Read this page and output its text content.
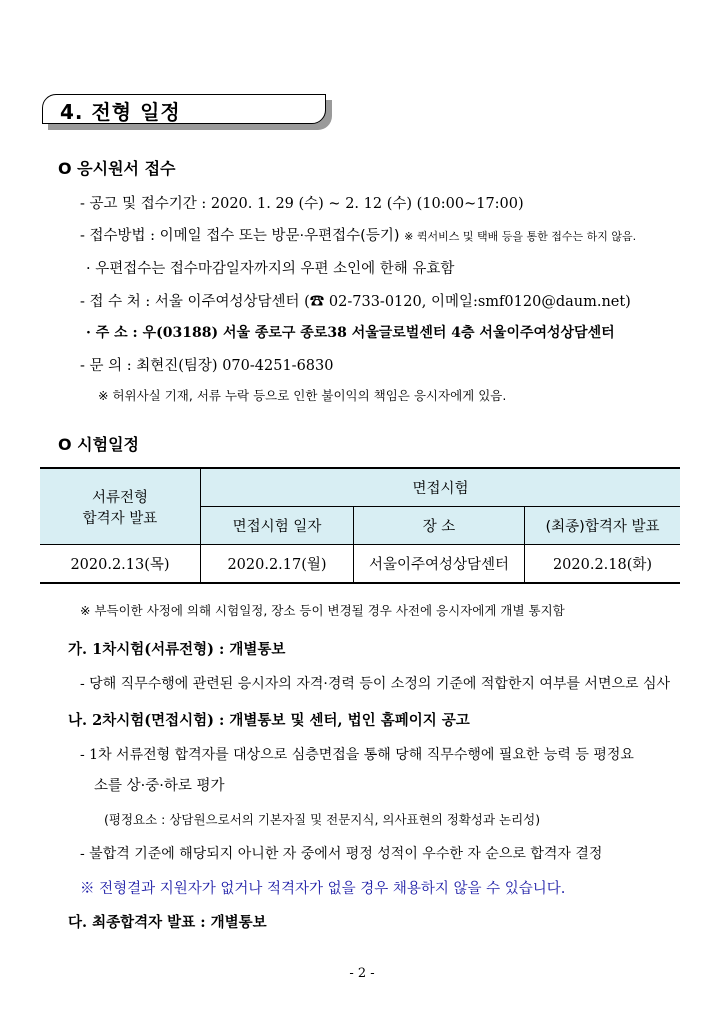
4. 전형 일정
O 응시원서 접수
- 공고 및 접수기간 : 2020. 1. 29 (수) ~ 2. 12 (수) (10:00~17:00)
- 접수방법 : 이메일 접수 또는 방문·우편접수(등기) ※ 퀵서비스 및 택배 등을 통한 접수는 하지 않음.
· 우편접수는 접수마감일자까지의 우편 소인에 한해 유효함
- 접 수 처 : 서울 이주여성상담센터 (☎ 02-733-0120, 이메일:smf0120@daum.net)
· 주 소 : 우(03188) 서울 종로구 종로38 서울글로벌센터 4층 서울이주여성상담센터
- 문 의 : 최현진(팀장) 070-4251-6830
※ 허위사실 기재, 서류 누락 등으로 인한 불이익의 책임은 응시자에게 있음.
O 시험일정
서류전형
합격자 발표	면접시험		
	면접시험 일자	장 소	(최종)합격자 발표
2020.2.13(목)	2020.2.17(월)	서울이주여성상담센터	2020.2.18(화)
※ 부득이한 사정에 의해 시험일정, 장소 등이 변경될 경우 사전에 응시자에게 개별 통지함
가. 1차시험(서류전형) : 개별통보
- 당해 직무수행에 관련된 응시자의 자격·경력 등이 소정의 기준에 적합한지 여부를 서면으로 심사
나. 2차시험(면접시험) : 개별통보 및 센터, 법인 홈페이지 공고
- 1차 서류전형 합격자를 대상으로 심층면접을 통해 당해 직무수행에 필요한 능력 등 평정요
소를 상·중·하로 평가
(평정요소 : 상담원으로서의 기본자질 및 전문지식, 의사표현의 정확성과 논리성)
- 불합격 기준에 해당되지 아니한 자 중에서 평정 성적이 우수한 자 순으로 합격자 결정
※ 전형결과 지원자가 없거나 적격자가 없을 경우 채용하지 않을 수 있습니다.
다. 최종합격자 발표 : 개별통보
- 2 -
